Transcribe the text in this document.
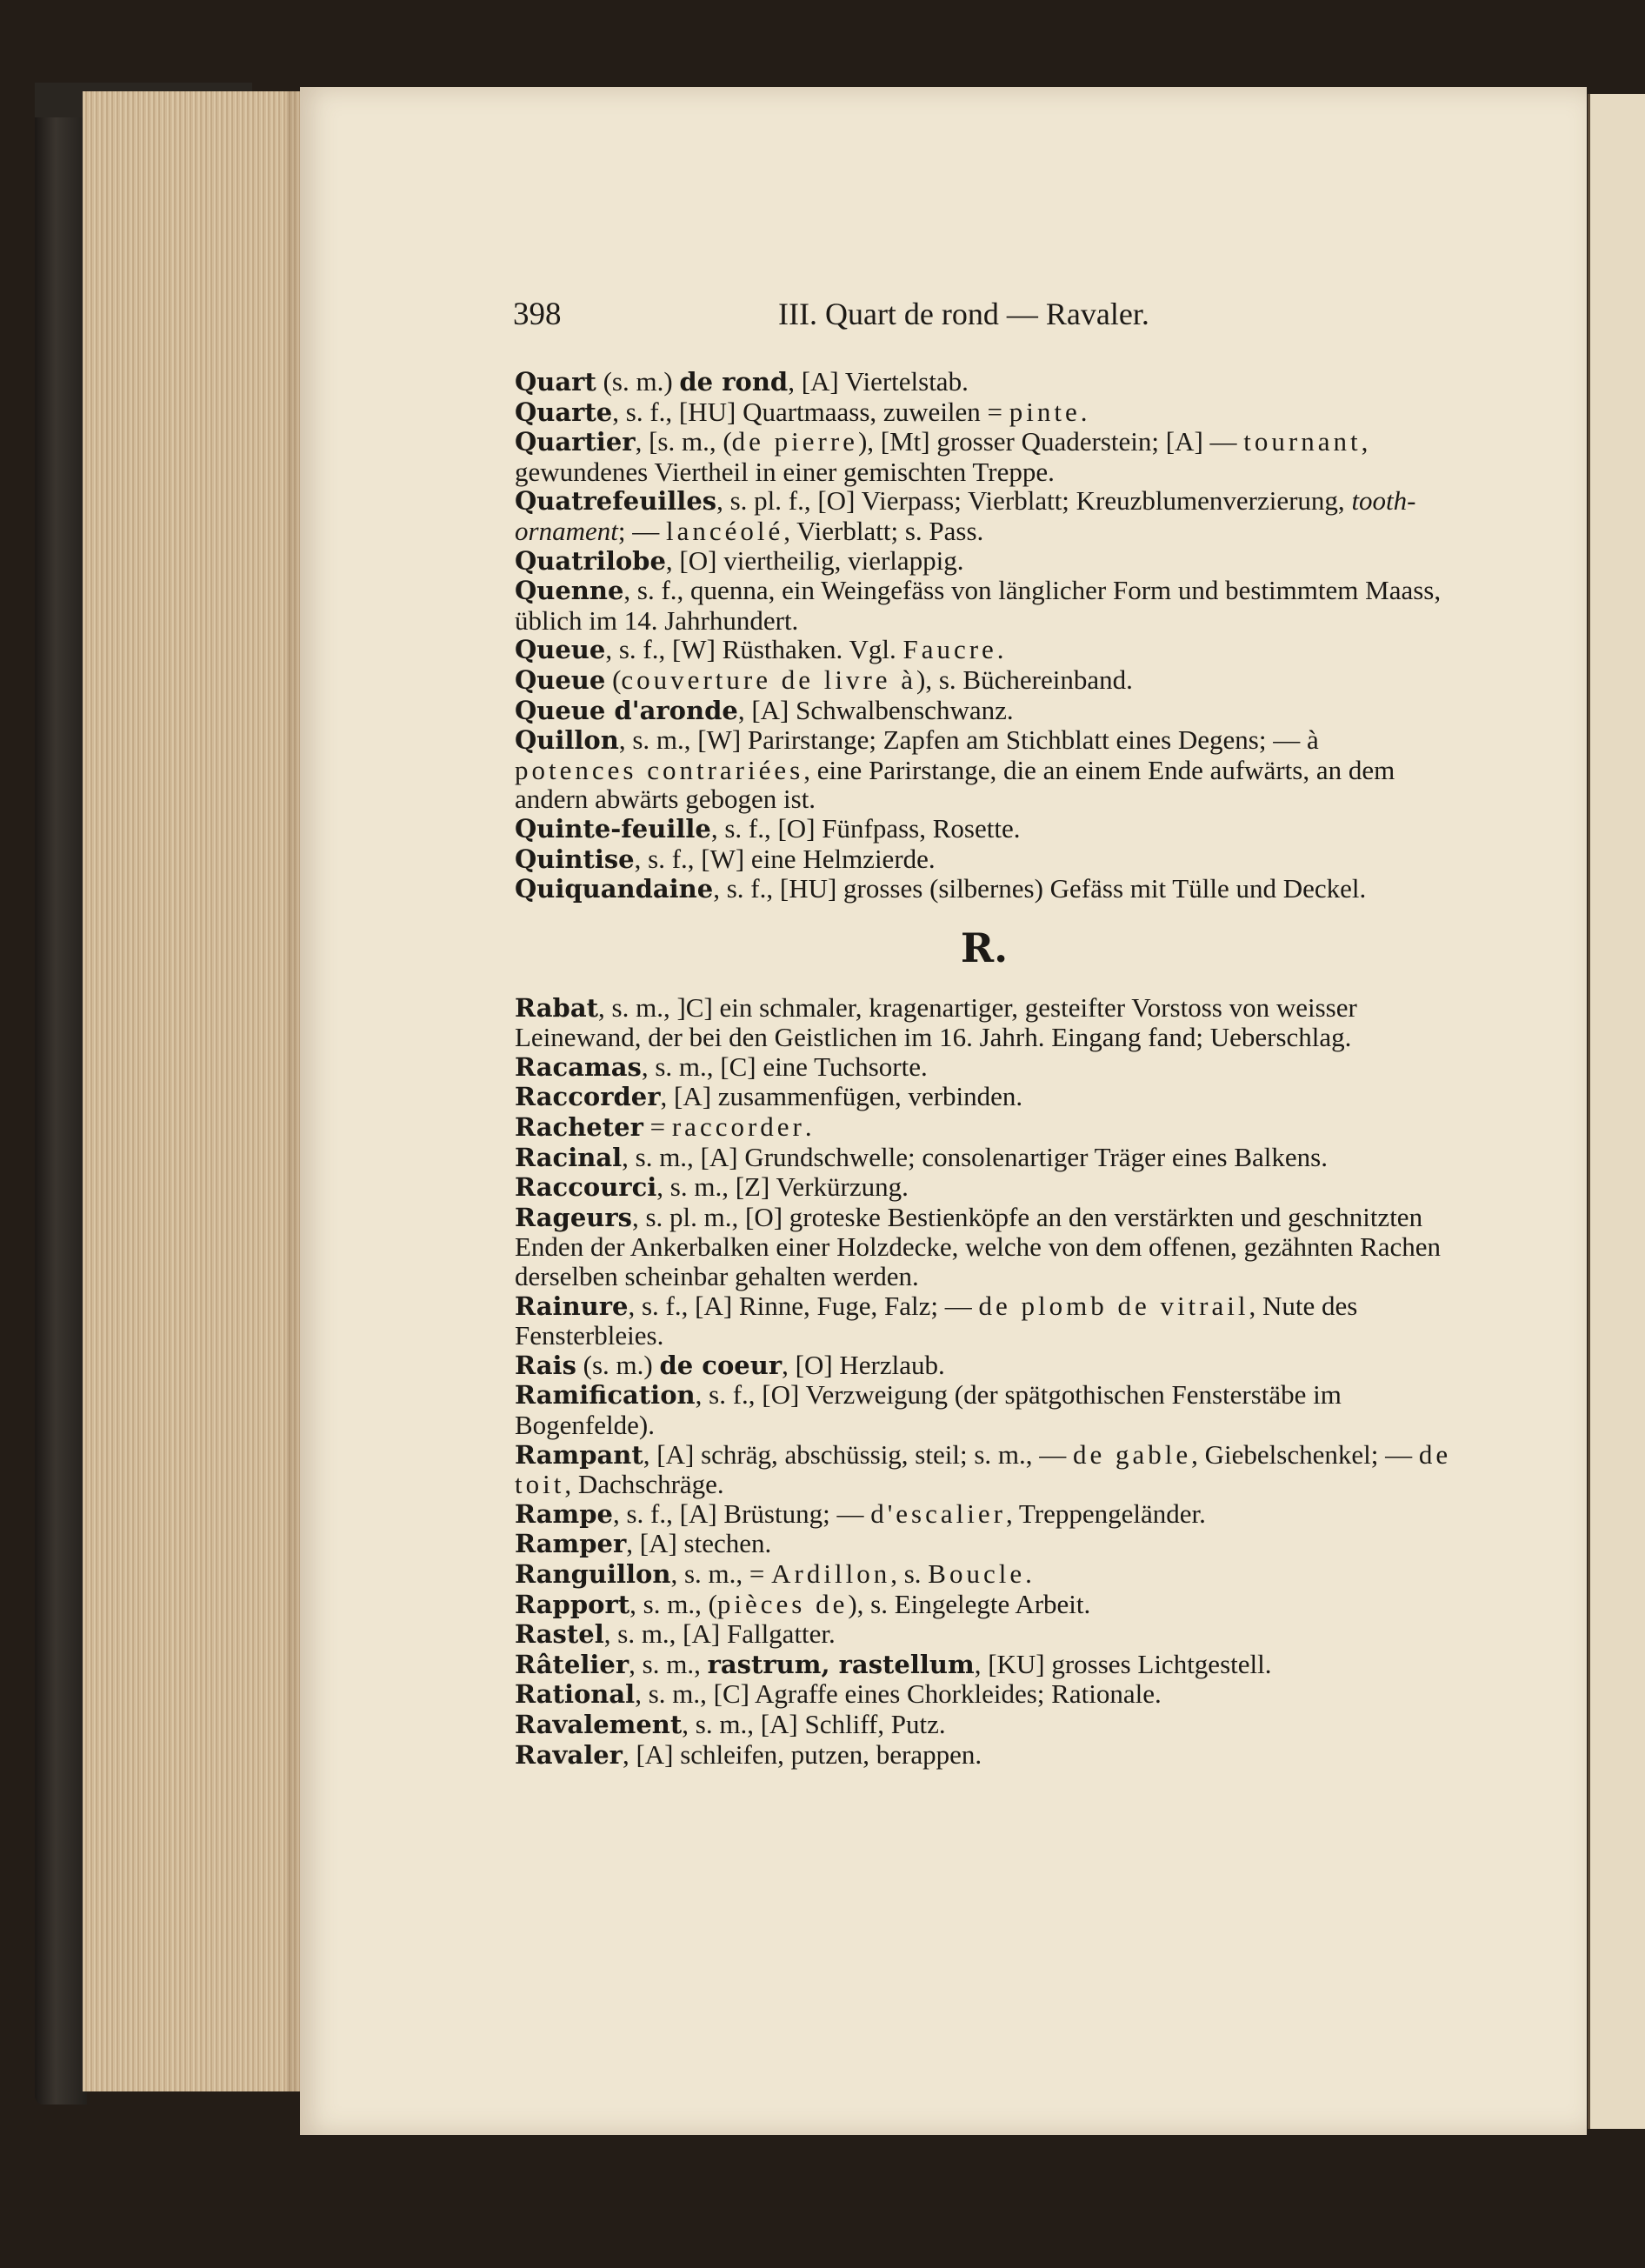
398	III. Quart de rond — Ravaler.
Quart (s. m.) de rond, [A] Viertelstab.
Quarte, s. f., [HU] Quartmaass, zuweilen = pinte.
Quartier, [s. m., (de pierre), [Mt] grosser Quaderstein; [A] — tournant, gewundenes Viertheil in einer gemischten Treppe.
Quatrefeuilles, s. pl. f., [O] Vierpass; Vierblatt; Kreuzblumenverzierung, tooth-ornament; — lancéolé, Vierblatt; s. Pass.
Quatrilobe, [O] viertheilig, vierlappig.
Quenne, s. f., quenna, ein Weingefäss von länglicher Form und bestimmtem Maass, üblich im 14. Jahrhundert.
Queue, s. f., [W] Rüsthaken. Vgl. Faucre.
Queue (couverture de livre à), s. Büchereinband.
Queue d'aronde, [A] Schwalbenschwanz.
Quillon, s. m., [W] Parirstange; Zapfen am Stichblatt eines Degens; — à potences contrariées, eine Parirstange, die an einem Ende aufwärts, an dem andern abwärts gebogen ist.
Quinte-feuille, s. f., [O] Fünfpass, Rosette.
Quintise, s. f., [W] eine Helmzierde.
Quiquandaine, s. f., [HU] grosses (silbernes) Gefäss mit Tülle und Deckel.
R.
Rabat, s. m., ]C] ein schmaler, kragenartiger, gesteifter Vorstoss von weisser Leinewand, der bei den Geistlichen im 16. Jahrh. Eingang fand; Ueberschlag.
Racamas, s. m., [C] eine Tuchsorte.
Raccorder, [A] zusammenfügen, verbinden.
Racheter = raccorder.
Racinal, s. m., [A] Grundschwelle; consolenartiger Träger eines Balkens.
Raccourci, s. m., [Z] Verkürzung.
Rageurs, s. pl. m., [O] groteske Bestienköpfe an den verstärkten und geschnitzten Enden der Ankerbalken einer Holzdecke, welche von dem offenen, gezähnten Rachen derselben scheinbar gehalten werden.
Rainure, s. f., [A] Rinne, Fuge, Falz; — de plomb de vitrail, Nute des Fensterbleies.
Rais (s. m.) de coeur, [O] Herzlaub.
Ramification, s. f., [O] Verzweigung (der spätgothischen Fensterstäbe im Bogenfelde).
Rampant, [A] schräg, abschüssig, steil; s. m., — de gable, Giebelschenkel; — de toit, Dachschräge.
Rampe, s. f., [A] Brüstung; — d'escalier, Treppengeländer.
Ramper, [A] stechen.
Ranguillon, s. m., = Ardillon, s. Boucle.
Rapport, s. m., (pièces de), s. Eingelegte Arbeit.
Rastel, s. m., [A] Fallgatter.
Râtelier, s. m., rastrum, rastellum, [KU] grosses Lichtgestell.
Rational, s. m., [C] Agraffe eines Chorkleides; Rationale.
Ravalement, s. m., [A] Schliff, Putz.
Ravaler, [A] schleifen, putzen, berappen.
